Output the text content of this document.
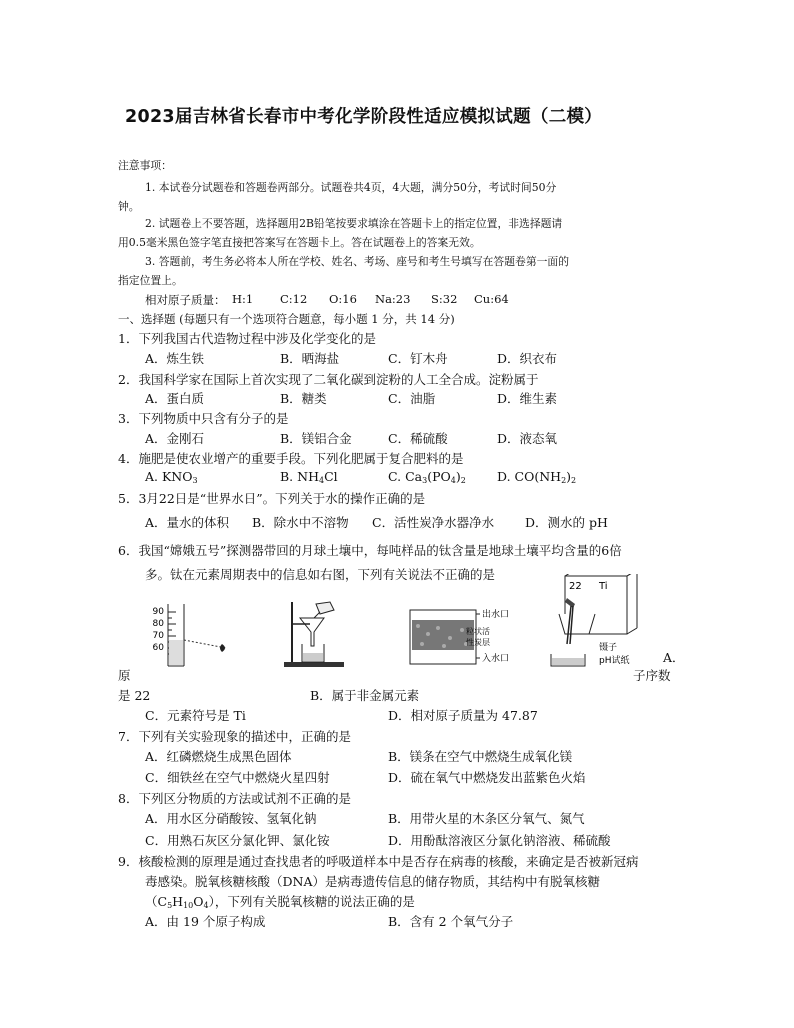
2023届吉林省长春市中考化学阶段性适应模拟试题（二模）
注意事项：
1. 本试卷分试题卷和答题卷两部分。试题卷共4页，4大题，满分50分，考试时间50分
钟。
2. 试题卷上不要答题，选择题用2B铅笔按要求填涂在答题卡上的指定位置，非选择题请
用0.5毫米黑色签字笔直接把答案写在答题卡上。答在试题卷上的答案无效。
3. 答题前，考生务必将本人所在学校、姓名、考场、座号和考生号填写在答题卷第一面的
指定位置上。
相对原子质量： H:1 C:12 O:16 Na:23 S:32 Cu:64
一、选择题 (每题只有一个选项符合题意，每小题 1 分，共 14 分)
1．下列我国古代造物过程中涉及化学变化的是
A．炼生铁	B．晒海盐	C．钉木舟	D．织衣布
2．我国科学家在国际上首次实现了二氧化碳到淀粉的人工全合成。淀粉属于
A．蛋白质	B．糖类	C．油脂	D．维生素
3．下列物质中只含有分子的是
A．金刚石	B．镁铝合金	C．稀硫酸	D．液态氧
4．施肥是使农业增产的重要手段。下列化肥属于复合肥料的是
A. $KNO_3$	B. $NH_4Cl$	C. $Ca_3(PO_4)_2$ D. $CO(NH_2)_2$
5．3月22日是“世界水日”。下列关于水的操作正确的是
A．量水的体积 B．除水中不溶物 C．活性炭净水器净水 D．测水的 pH
6．我国“嫦娥五号”探测器带回的月球土壤中，每吨样品的钛含量是地球土壤平均含量的6倍
多。钛在元素周期表中的信息如右图，下列有关说法不正确的是
90
80
70
60
出水口
粒状活
性炭层
入水口
22 Ti
镊子
pH试纸	A．
原	子序数
是 22	B．属于非金属元素
C．元素符号是 Ti	D．相对原子质量为 47.87
7．下列有关实验现象的描述中，正确的是
A．红磷燃烧生成黑色固体	B．镁条在空气中燃烧生成氧化镁
C．细铁丝在空气中燃烧火星四射	D．硫在氧气中燃烧发出蓝紫色火焰
8．下列区分物质的方法或试剂不正确的是
A．用水区分硝酸铵、氢氧化钠	B．用带火星的木条区分氧气、氮气
C．用熟石灰区分氯化钾、氯化铵	D．用酚酞溶液区分氯化钠溶液、稀硫酸
9．核酸检测的原理是通过查找患者的呼吸道样本中是否存在病毒的核酸，来确定是否被新冠病
毒感染。脱氧核糖核酸（DNA）是病毒遗传信息的储存物质，其结构中有脱氧核糖
$(C_5H_{10}O_4)$，下列有关脱氧核糖的说法正确的是
A．由 19 个原子构成	B．含有 2 个氧气分子
